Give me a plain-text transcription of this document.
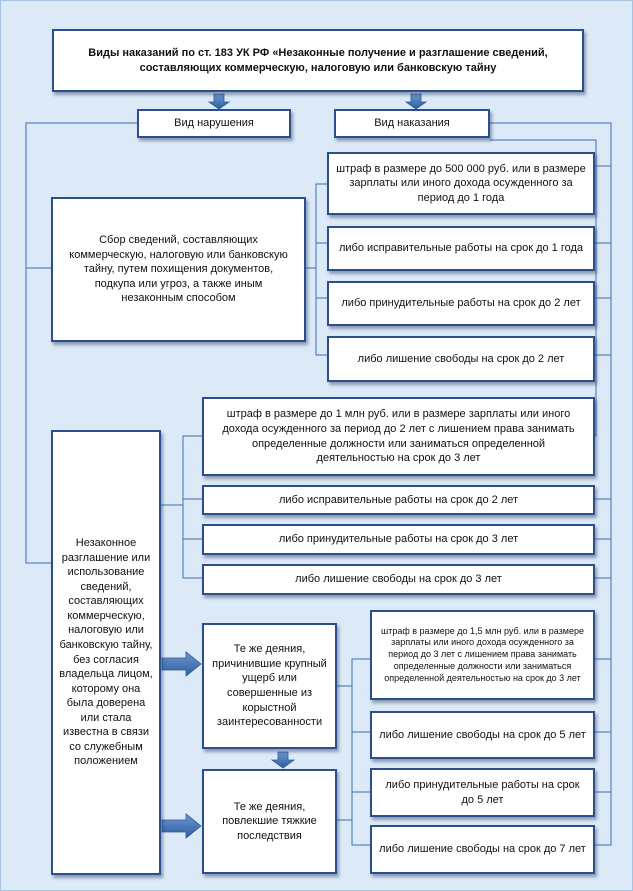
Виды наказаний по ст. 183 УК РФ «Незаконные получение и разглашение сведений, составляющих коммерческую, налоговую или банковскую тайну
Вид нарушения	Вид наказания
Сбор сведений, составляющих коммерческую, налоговую или банковскую тайну, путем похищения документов, подкупа или угроз, а также иным незаконным способом
штраф в размере до 500 000 руб. или в размере зарплаты или иного дохода осужденного за период до 1 года
либо исправительные работы на срок до 1 года
либо принудительные работы на срок до 2 лет
либо лишение свободы на срок до 2 лет
Незаконное разглашение или использование сведений, составляющих коммерческую, налоговую или банковскую тайну, без согласия владельца лицом, которому она была доверена или стала известна в связи со служебным положением
штраф в размере до 1 млн руб. или в размере зарплаты или иного дохода осужденного за период до 2 лет с лишением права занимать определенные должности или заниматься определенной деятельностью на срок до 3 лет
либо исправительные работы на срок до 2 лет
либо принудительные работы на срок до 3 лет
либо лишение свободы на срок до 3 лет
Те же деяния, причинившие крупный ущерб или совершенные из корыстной заинтересованности
штраф в размере до 1,5 млн руб. или в размере зарплаты или иного дохода осужденного за период до 3 лет с лишением права занимать определенные должности или заниматься определенной деятельностью на срок до 3 лет
либо лишение свободы на срок до 5 лет
либо принудительные работы на срок до 5 лет
Те же деяния, повлекшие тяжкие последствия
либо лишение свободы на срок до 7 лет
